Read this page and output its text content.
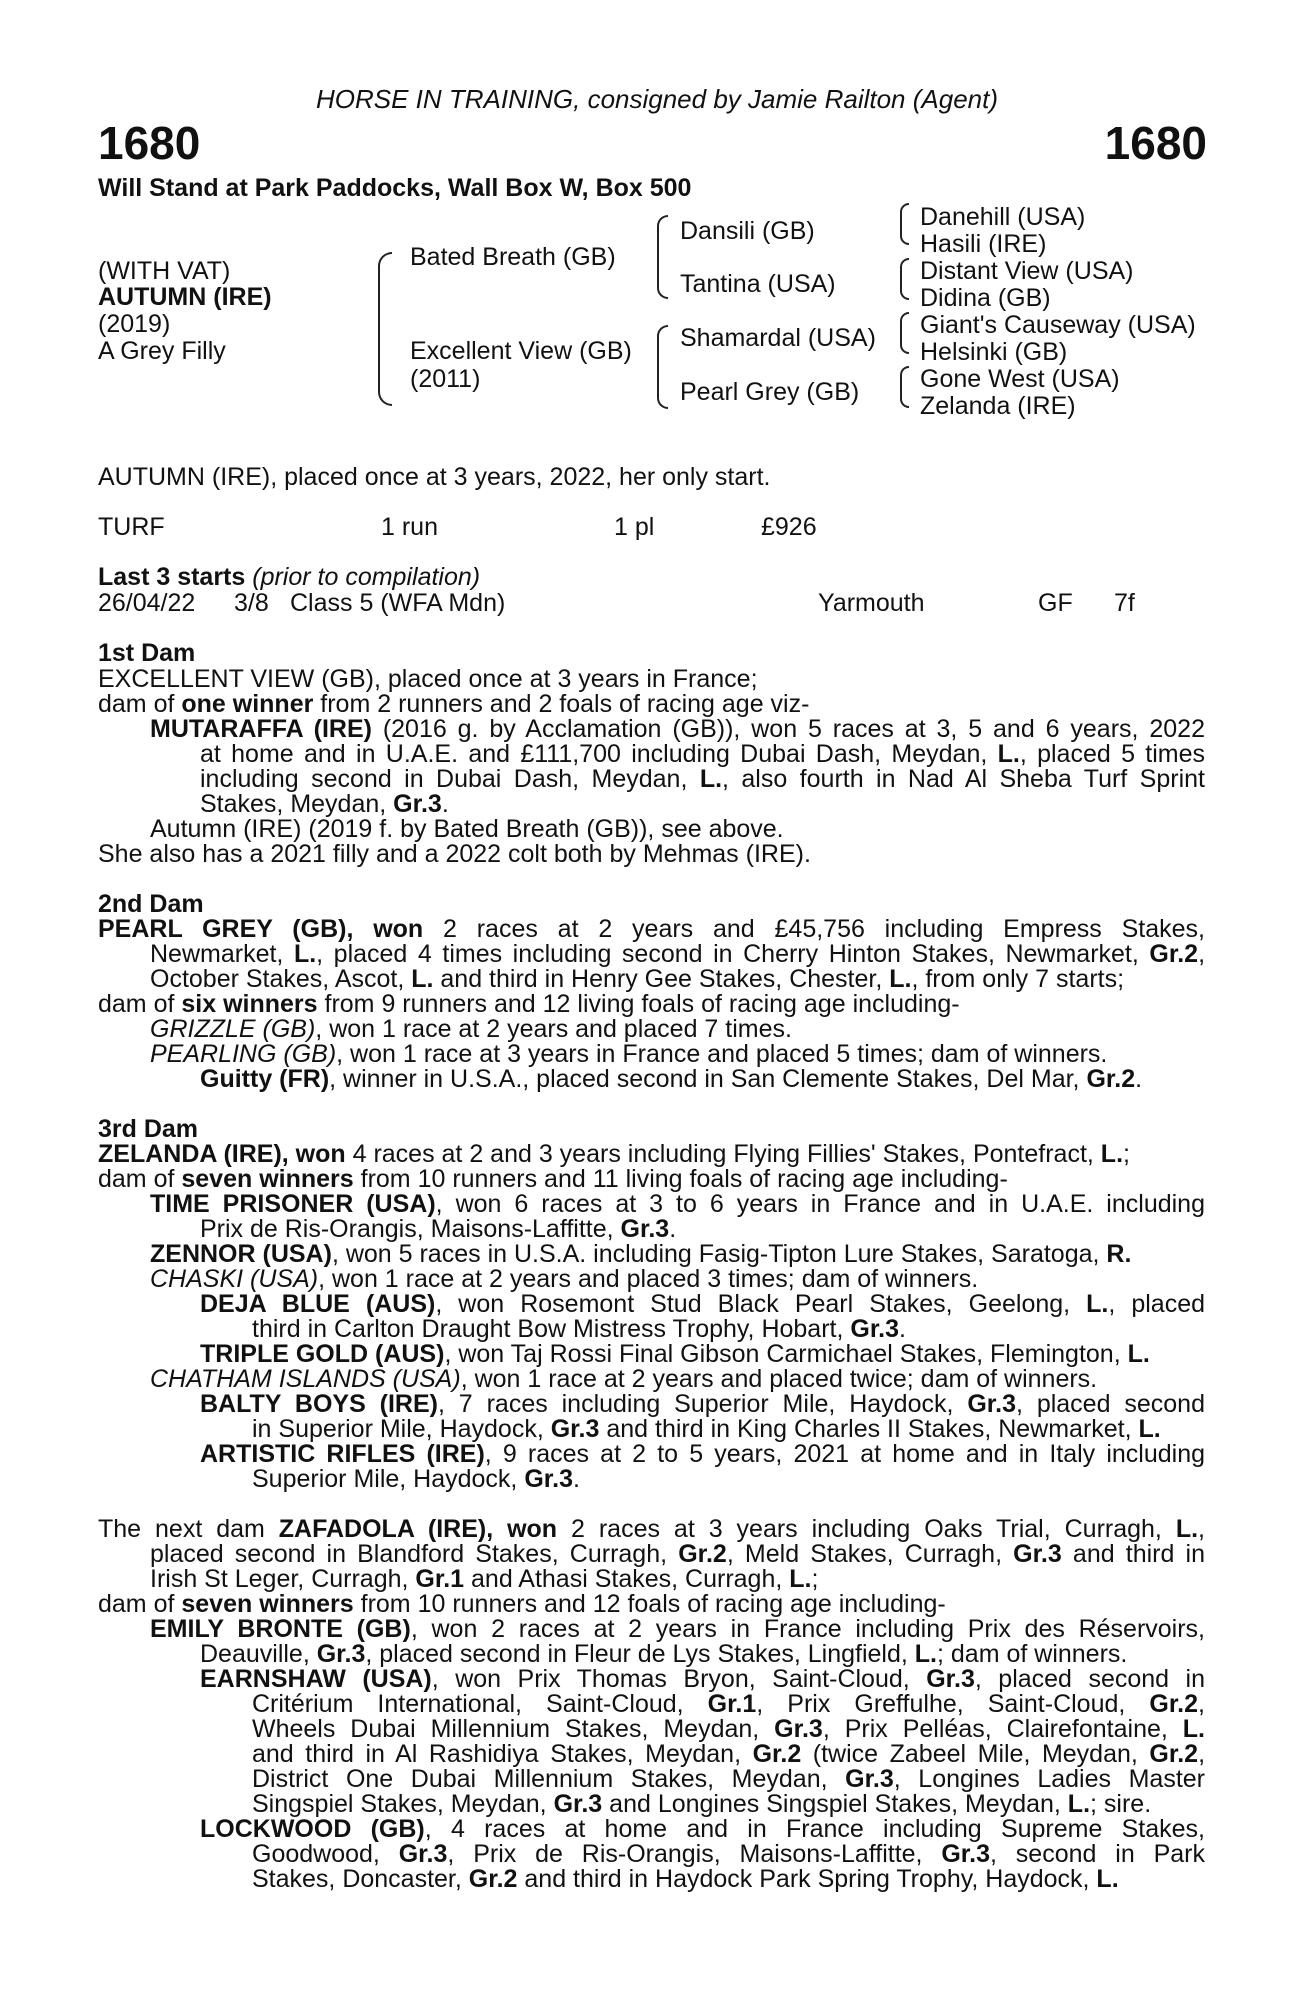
HORSE IN TRAINING, consigned by Jamie Railton (Agent)
1680	1680
Will Stand at Park Paddocks, Wall Box W, Box 500
(WITH VAT)
AUTUMN (IRE)
(2019)
A Grey Filly
Bated Breath (GB)
Excellent View (GB)
(2011)
Dansili (GB)
Tantina (USA)
Shamardal (USA)
Pearl Grey (GB)
Danehill (USA)
Hasili (IRE)
Distant View (USA)
Didina (GB)
Giant's Causeway (USA)
Helsinki (GB)
Gone West (USA)
Zelanda (IRE)
AUTUMN (IRE), placed once at 3 years, 2022, her only start.
TURF	1 run	1 pl	£926
Last 3 starts (prior to compilation)
26/04/22 3/8 Class 5 (WFA Mdn)	Yarmouth	GF 7f
1st Dam
EXCELLENT VIEW (GB), placed once at 3 years in France;
dam of one winner from 2 runners and 2 foals of racing age viz-
MUTARAFFA (IRE) (2016 g. by Acclamation (GB)), won 5 races at 3, 5 and 6 years, 2022
at home and in U.A.E. and £111,700 including Dubai Dash, Meydan, L., placed 5 times
including second in Dubai Dash, Meydan, L., also fourth in Nad Al Sheba Turf Sprint
Stakes, Meydan, Gr.3.
Autumn (IRE) (2019 f. by Bated Breath (GB)), see above.
She also has a 2021 filly and a 2022 colt both by Mehmas (IRE).
2nd Dam
PEARL GREY (GB), won 2 races at 2 years and £45,756 including Empress Stakes,
Newmarket, L., placed 4 times including second in Cherry Hinton Stakes, Newmarket, Gr.2,
October Stakes, Ascot, L. and third in Henry Gee Stakes, Chester, L., from only 7 starts;
dam of six winners from 9 runners and 12 living foals of racing age including-
GRIZZLE (GB), won 1 race at 2 years and placed 7 times.
PEARLING (GB), won 1 race at 3 years in France and placed 5 times; dam of winners.
Guitty (FR), winner in U.S.A., placed second in San Clemente Stakes, Del Mar, Gr.2.
3rd Dam
ZELANDA (IRE), won 4 races at 2 and 3 years including Flying Fillies' Stakes, Pontefract, L.;
dam of seven winners from 10 runners and 11 living foals of racing age including-
TIME PRISONER (USA), won 6 races at 3 to 6 years in France and in U.A.E. including
Prix de Ris-Orangis, Maisons-Laffitte, Gr.3.
ZENNOR (USA), won 5 races in U.S.A. including Fasig-Tipton Lure Stakes, Saratoga, R.
CHASKI (USA), won 1 race at 2 years and placed 3 times; dam of winners.
DEJA BLUE (AUS), won Rosemont Stud Black Pearl Stakes, Geelong, L., placed
third in Carlton Draught Bow Mistress Trophy, Hobart, Gr.3.
TRIPLE GOLD (AUS), won Taj Rossi Final Gibson Carmichael Stakes, Flemington, L.
CHATHAM ISLANDS (USA), won 1 race at 2 years and placed twice; dam of winners.
BALTY BOYS (IRE), 7 races including Superior Mile, Haydock, Gr.3, placed second
in Superior Mile, Haydock, Gr.3 and third in King Charles II Stakes, Newmarket, L.
ARTISTIC RIFLES (IRE), 9 races at 2 to 5 years, 2021 at home and in Italy including
Superior Mile, Haydock, Gr.3.
The next dam ZAFADOLA (IRE), won 2 races at 3 years including Oaks Trial, Curragh, L.,
placed second in Blandford Stakes, Curragh, Gr.2, Meld Stakes, Curragh, Gr.3 and third in
Irish St Leger, Curragh, Gr.1 and Athasi Stakes, Curragh, L.;
dam of seven winners from 10 runners and 12 foals of racing age including-
EMILY BRONTE (GB), won 2 races at 2 years in France including Prix des Réservoirs,
Deauville, Gr.3, placed second in Fleur de Lys Stakes, Lingfield, L.; dam of winners.
EARNSHAW (USA), won Prix Thomas Bryon, Saint-Cloud, Gr.3, placed second in
Critérium International, Saint-Cloud, Gr.1, Prix Greffulhe, Saint-Cloud, Gr.2,
Wheels Dubai Millennium Stakes, Meydan, Gr.3, Prix Pelléas, Clairefontaine, L.
and third in Al Rashidiya Stakes, Meydan, Gr.2 (twice Zabeel Mile, Meydan, Gr.2,
District One Dubai Millennium Stakes, Meydan, Gr.3, Longines Ladies Master
Singspiel Stakes, Meydan, Gr.3 and Longines Singspiel Stakes, Meydan, L.; sire.
LOCKWOOD (GB), 4 races at home and in France including Supreme Stakes,
Goodwood, Gr.3, Prix de Ris-Orangis, Maisons-Laffitte, Gr.3, second in Park
Stakes, Doncaster, Gr.2 and third in Haydock Park Spring Trophy, Haydock, L.
